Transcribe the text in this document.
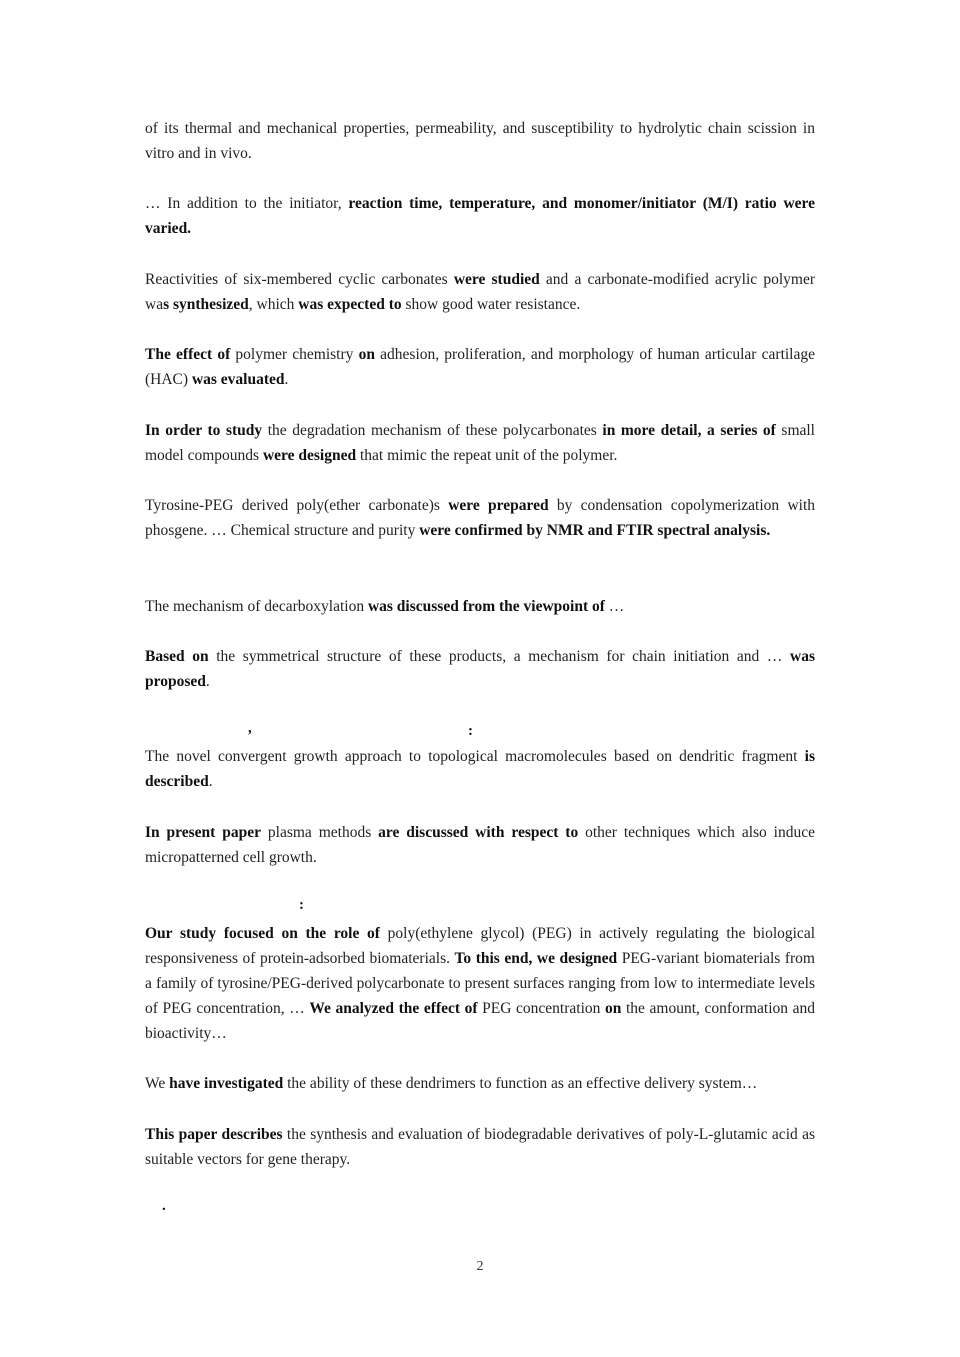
of its thermal and mechanical properties, permeability, and susceptibility to hydrolytic chain scission in vitro and in vivo.

… In addition to the initiator, reaction time, temperature, and monomer/initiator (M/I) ratio were varied.

Reactivities of six-membered cyclic carbonates were studied and a carbonate-modified acrylic polymer was synthesized, which was expected to show good water resistance.

The effect of polymer chemistry on adhesion, proliferation, and morphology of human articular cartilage (HAC) was evaluated.

In order to study the degradation mechanism of these polycarbonates in more detail, a series of small model compounds were designed that mimic the repeat unit of the polymer.

Tyrosine-PEG derived poly(ether carbonate)s were prepared by condensation copolymerization with phosgene. … Chemical structure and purity were confirmed by NMR and FTIR spectral analysis.

The mechanism of decarboxylation was discussed from the viewpoint of …

Based on the symmetrical structure of these products, a mechanism for chain initiation and … was proposed.

,	:

The novel convergent growth approach to topological macromolecules based on dendritic fragment is described.

In present paper plasma methods are discussed with respect to other techniques which also induce micropatterned cell growth.

:

Our study focused on the role of poly(ethylene glycol) (PEG) in actively regulating the biological responsiveness of protein-adsorbed biomaterials. To this end, we designed PEG-variant biomaterials from a family of tyrosine/PEG-derived polycarbonate to present surfaces ranging from low to intermediate levels of PEG concentration, … We analyzed the effect of PEG concentration on the amount, conformation and bioactivity…

We have investigated the ability of these dendrimers to function as an effective delivery system…

This paper describes the synthesis and evaluation of biodegradable derivatives of poly-L-glutamic acid as suitable vectors for gene therapy.

.
2
